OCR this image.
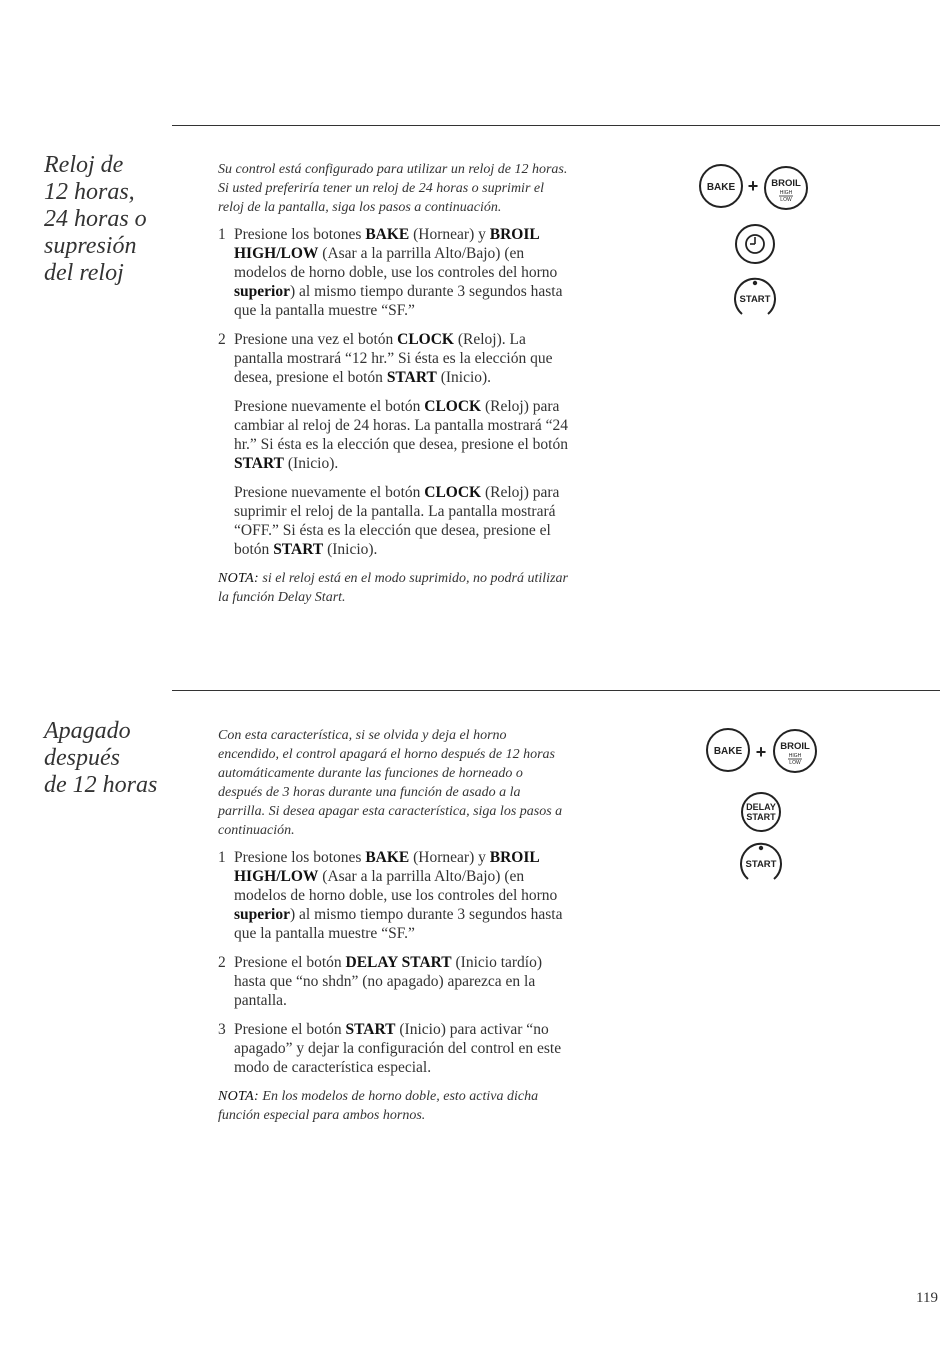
Reloj de
12 horas,
24 horas o
supresión
del reloj

Su control está configurado para utilizar un reloj de 12 horas. Si usted preferiría tener un reloj de 24 horas o suprimir el reloj de la pantalla, siga los pasos a continuación.

1 Presione los botones BAKE (Hornear) y BROIL HIGH/LOW (Asar a la parrilla Alto/Bajo) (en modelos de horno doble, use los controles del horno superior) al mismo tiempo durante 3 segundos hasta que la pantalla muestre “SF.”
2 Presione una vez el botón CLOCK (Reloj). La pantalla mostrará “12 hr.” Si ésta es la elección que desea, presione el botón START (Inicio).
Presione nuevamente el botón CLOCK (Reloj) para cambiar al reloj de 24 horas. La pantalla mostrará “24 hr.” Si ésta es la elección que desea, presione el botón START (Inicio).
Presione nuevamente el botón CLOCK (Reloj) para suprimir el reloj de la pantalla. La pantalla mostrará “OFF.” Si ésta es la elección que desea, presione el botón START (Inicio).

NOTA: si el reloj está en el modo suprimido, no podrá utilizar la función Delay Start.

BAKE + BROIL
HIGH
LOW
START
Apagado
después
de 12 horas

Con esta característica, si se olvida y deja el horno encendido, el control apagará el horno después de 12 horas automáticamente durante las funciones de horneado o después de 3 horas durante una función de asado a la parrilla. Si desea apagar esta característica, siga los pasos a continuación.

1 Presione los botones BAKE (Hornear) y BROIL HIGH/LOW (Asar a la parrilla Alto/Bajo) (en modelos de horno doble, use los controles del horno superior) al mismo tiempo durante 3 segundos hasta que la pantalla muestre “SF.”
2 Presione el botón DELAY START (Inicio tardío) hasta que “no shdn” (no apagado) aparezca en la pantalla.
3 Presione el botón START (Inicio) para activar “no apagado” y dejar la configuración del control en este modo de característica especial.

NOTA: En los modelos de horno doble, esto activa dicha función especial para ambos hornos.

BAKE + BROIL
HIGH
LOW
DELAY
START
START
119
